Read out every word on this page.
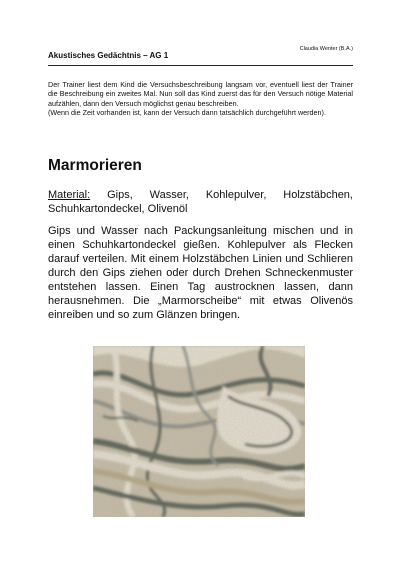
Akustisches Gedächtnis – AG 1
Claudia Wenter (B.A.)

Der Trainer liest dem Kind die Versuchsbeschreibung langsam vor, eventuell liest der Trainer die Beschreibung ein zweites Mal. Nun soll das Kind zuerst das für den Versuch nötige Material aufzählen, dann den Versuch möglichst genau beschreiben.

(Wenn die Zeit vorhanden ist, kann der Versuch dann tatsächlich durchgeführt werden).

Marmorieren

Material: Gips, Wasser, Kohlepulver, Holzstäbchen, Schuhkartondeckel, Olivenöl

Gips und Wasser nach Packungsanleitung mischen und in einen Schuhkartondeckel gießen. Kohlepulver als Flecken darauf verteilen. Mit einem Holzstäbchen Linien und Schlieren durch den Gips ziehen oder durch Drehen Schneckenmuster entstehen lassen. Einen Tag austrocknen lassen, dann herausnehmen. Die „Marmorscheibe“ mit etwas Olivenös einreiben und so zum Glänzen bringen.
